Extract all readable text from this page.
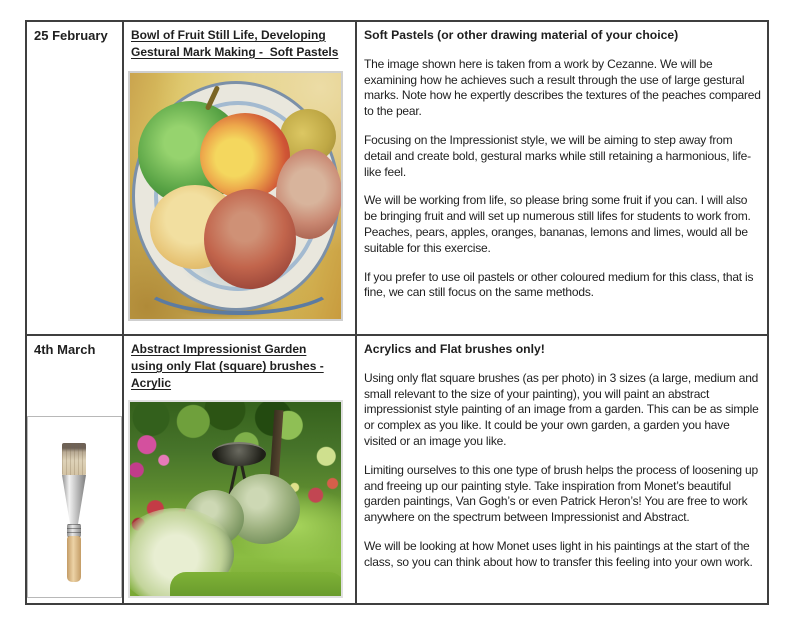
25 February	Bowl of Fruit Still Life, Developing
Gestural Mark Making -  Soft Pastels

Soft Pastels (or other drawing material of your choice)

The image shown here is taken from a work by Cezanne. We will be examining how he achieves such a result through the use of large gestural marks. Note how he expertly describes the textures of the peaches compared to the pear.

Focusing on the Impressionist style, we will be aiming to step away from detail and create bold, gestural marks while still retaining a harmonious, life-like feel.

We will be working from life, so please bring some fruit if you can. I will also be bringing fruit and will set up numerous still lifes for students to work from. Peaches, pears, apples, oranges, bananas, lemons and limes, would all be suitable for this exercise.

If you prefer to use oil pastels or other coloured medium for this class, that is fine, we can still focus on the same methods.

4th March	Abstract Impressionist Garden
using only Flat (square) brushes -
Acrylic

Acrylics and Flat brushes only!

Using only flat square brushes (as per photo) in 3 sizes (a large, medium and small relevant to the size of your painting), you will paint an abstract impressionist style painting of an image from a garden. This can be as simple or complex as you like. It could be your own garden, a garden you have visited or an image you like.

Limiting ourselves to this one type of brush helps the process of loosening up and freeing up our painting style. Take inspiration from Monet’s beautiful garden paintings, Van Gogh’s or even Patrick Heron’s! You are free to work anywhere on the spectrum between Impressionist and Abstract.

We will be looking at how Monet uses light in his paintings at the start of the class, so you can think about how to transfer this feeling into your own work.
